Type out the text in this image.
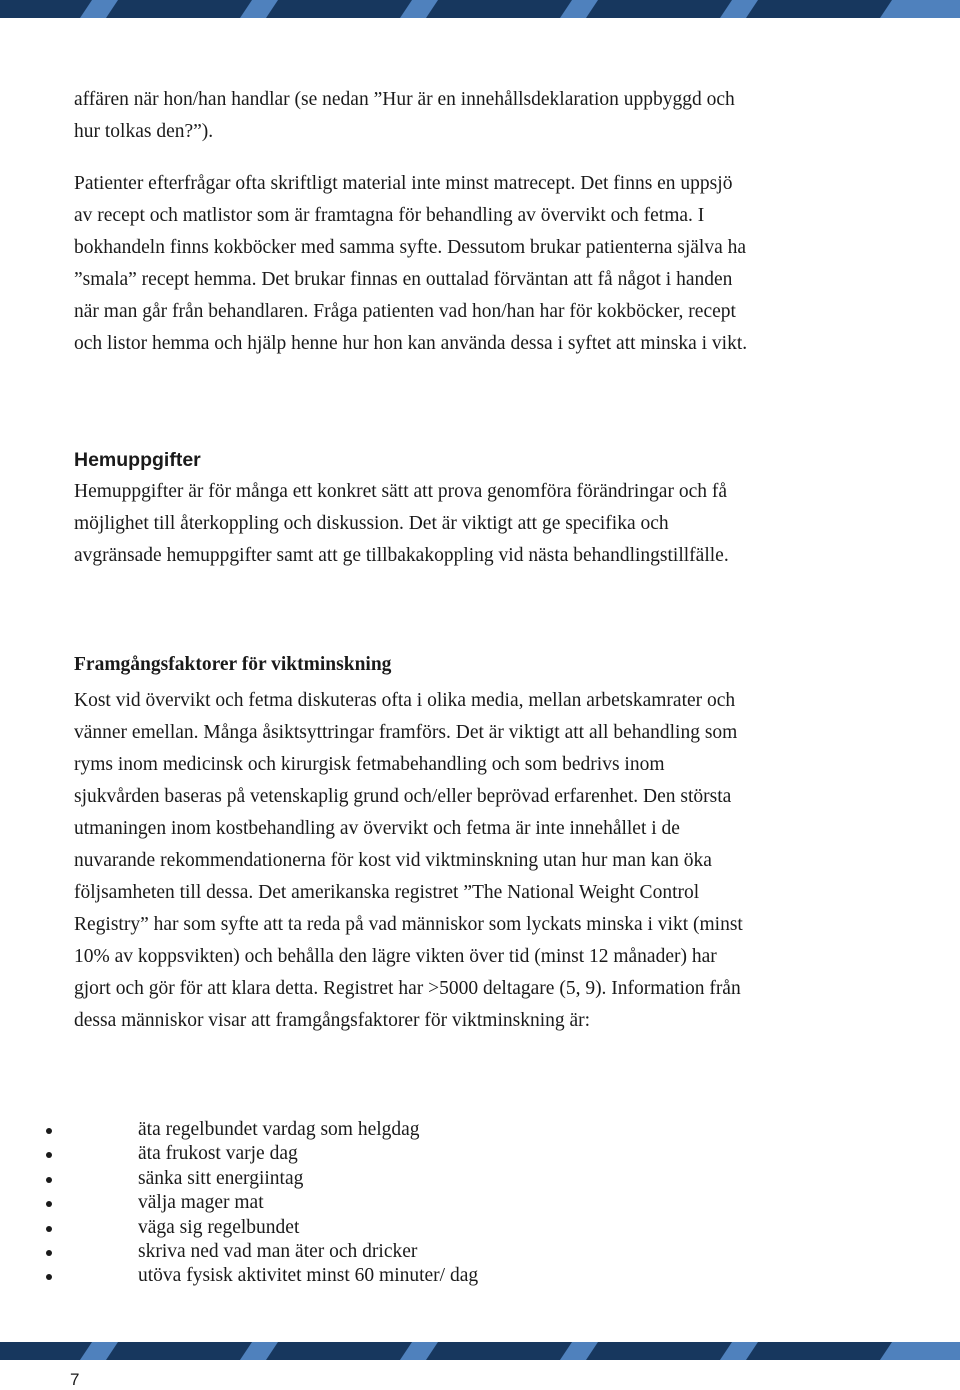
affären när hon/han handlar (se nedan ”Hur är en innehållsdeklaration uppbyggd och hur tolkas den?”).

Patienter efterfrågar ofta skriftligt material inte minst matrecept. Det finns en uppsjö av recept och matlistor som är framtagna för behandling av övervikt och fetma. I bokhandeln finns kokböcker med samma syfte. Dessutom brukar patienterna själva ha ”smala” recept hemma. Det brukar finnas en outtalad förväntan att få något i handen när man går från behandlaren. Fråga patienten vad hon/han har för kokböcker, recept och listor hemma och hjälp henne hur hon kan använda dessa i syftet att minska i vikt.

Hemuppgifter

Hemuppgifter är för många ett konkret sätt att prova genomföra förändringar och få möjlighet till återkoppling och diskussion. Det är viktigt att ge specifika och avgränsade hemuppgifter samt att ge tillbakakoppling vid nästa behandlingstillfälle.

Framgångsfaktorer för viktminskning

Kost vid övervikt och fetma diskuteras ofta i olika media, mellan arbetskamrater och vänner emellan. Många åsiktsyttringar framförs. Det är viktigt att all behandling som ryms inom medicinsk och kirurgisk fetmabehandling och som bedrivs inom sjukvården baseras på vetenskaplig grund och/eller beprövad erfarenhet. Den största utmaningen inom kostbehandling av övervikt och fetma är inte innehållet i de nuvarande rekommendationerna för kost vid viktminskning utan hur man kan öka följsamheten till dessa. Det amerikanska registret ”The National Weight Control Registry” har som syfte att ta reda på vad människor som lyckats minska i vikt (minst 10% av koppsvikten) och behålla den lägre vikten över tid (minst 12 månader) har gjort och gör för att klara detta. Registret har >5000 deltagare (5, 9). Information från dessa människor visar att framgångsfaktorer för viktminskning är:

äta regelbundet vardag som helgdag
äta frukost varje dag
sänka sitt energiintag
välja mager mat
väga sig regelbundet
skriva ned vad man äter och dricker
utöva fysisk aktivitet minst 60 minuter/ dag
7
